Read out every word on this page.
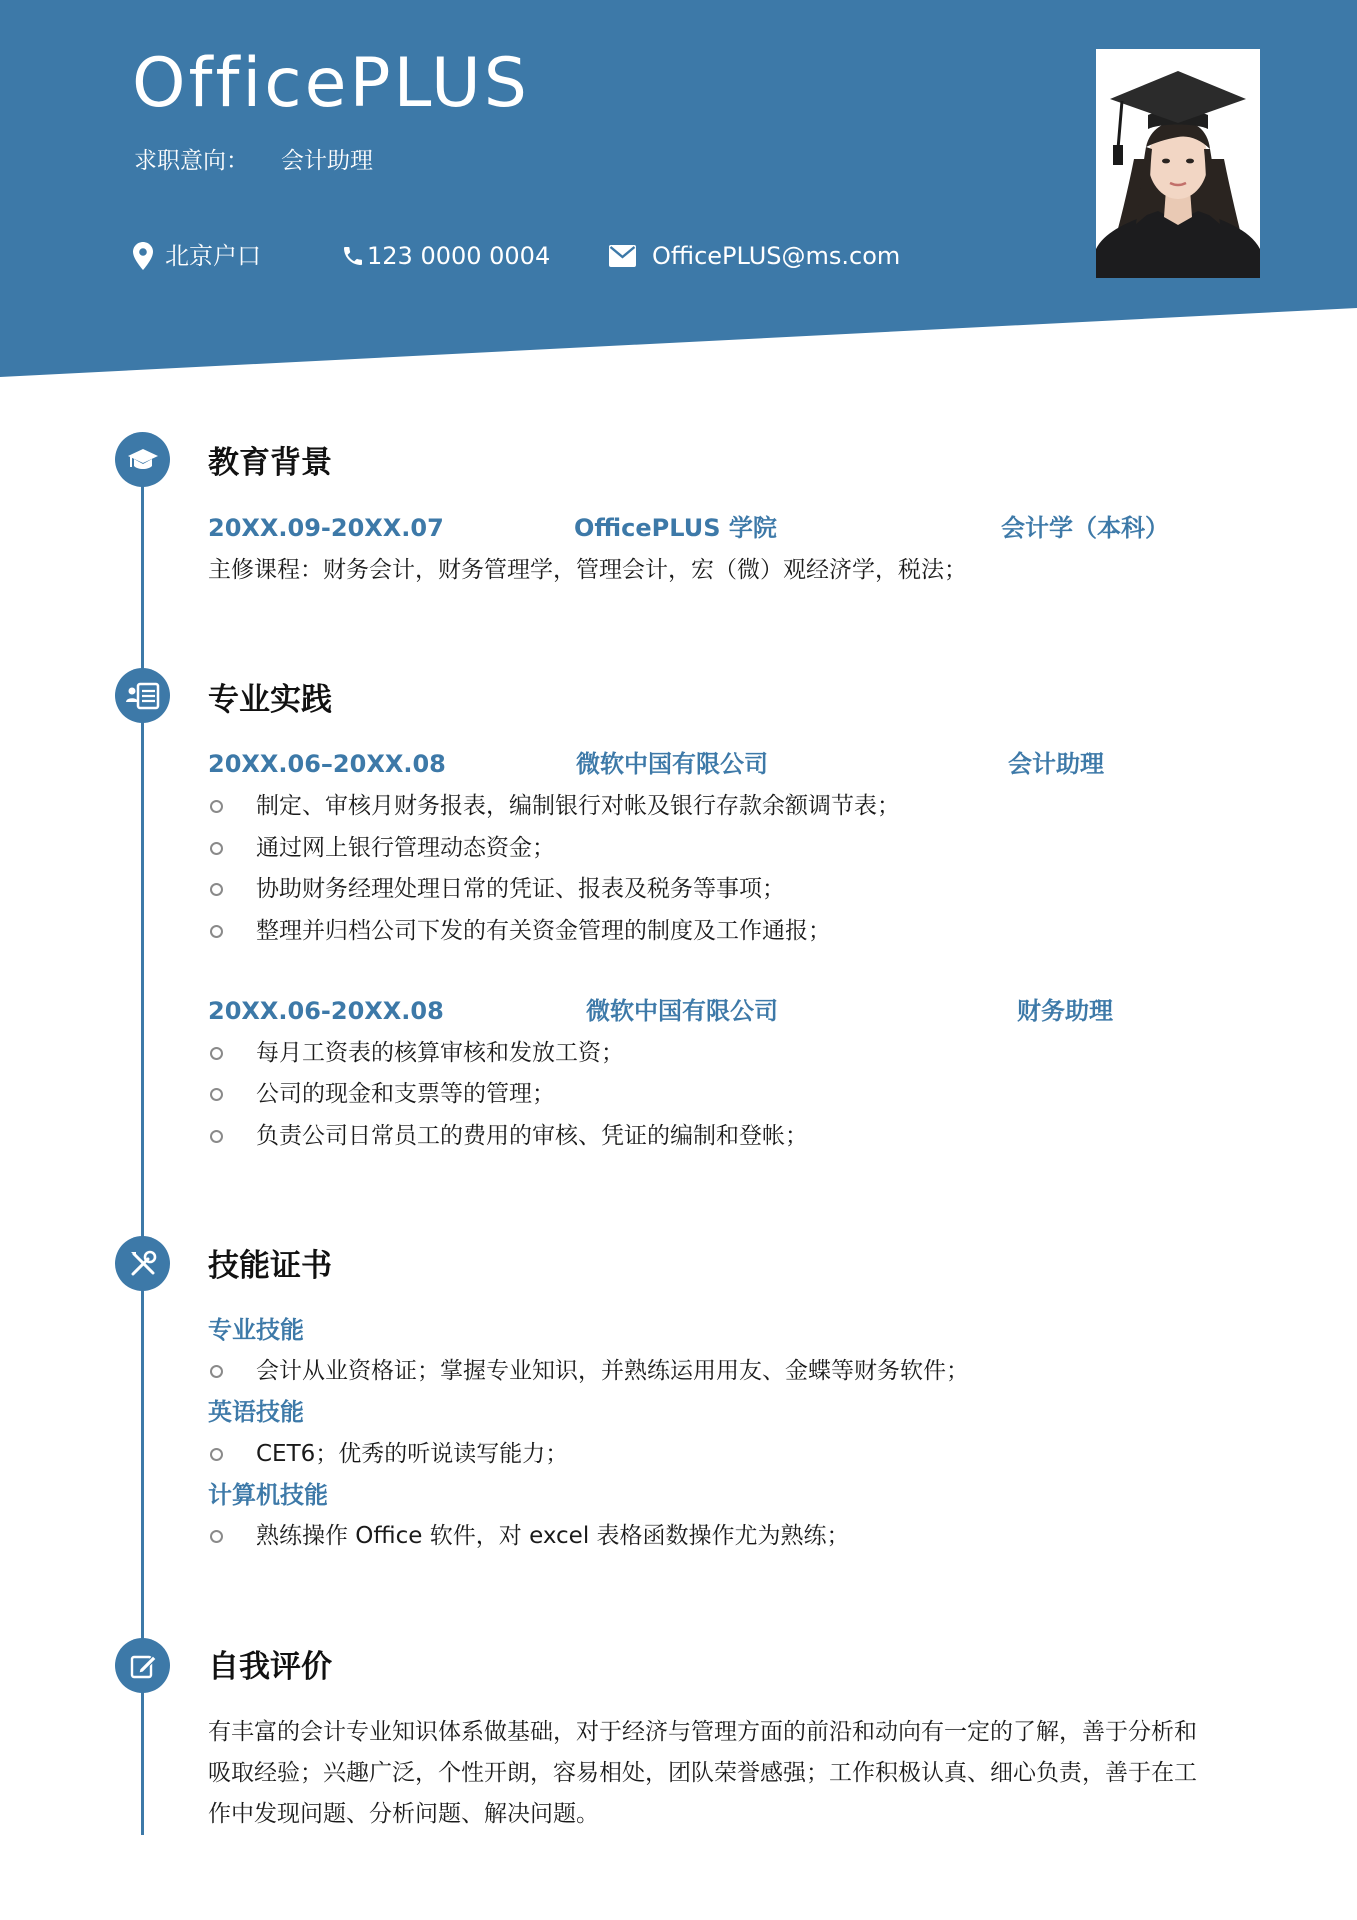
OfficePLUS
求职意向： 会计助理
北京户口	123 0000 0004	OfficePLUS@ms.com
教育背景
20XX.09-20XX.07	OfficePLUS 学院	会计学（本科）
主修课程：财务会计，财务管理学，管理会计，宏（微）观经济学，税法；
专业实践
20XX.06–20XX.08	微软中国有限公司	会计助理
制定、审核月财务报表，编制银行对帐及银行存款余额调节表；
通过网上银行管理动态资金；
协助财务经理处理日常的凭证、报表及税务等事项；
整理并归档公司下发的有关资金管理的制度及工作通报；
20XX.06-20XX.08	微软中国有限公司	财务助理
每月工资表的核算审核和发放工资；
公司的现金和支票等的管理；
负责公司日常员工的费用的审核、凭证的编制和登帐；
技能证书
专业技能
会计从业资格证；掌握专业知识，并熟练运用用友、金蝶等财务软件；
英语技能
CET6；优秀的听说读写能力；
计算机技能
熟练操作 Office 软件，对 excel 表格函数操作尤为熟练；
自我评价
有丰富的会计专业知识体系做基础，对于经济与管理方面的前沿和动向有一定的了解，善于分析和
吸取经验；兴趣广泛，个性开朗，容易相处，团队荣誉感强；工作积极认真、细心负责，善于在工
作中发现问题、分析问题、解决问题。
